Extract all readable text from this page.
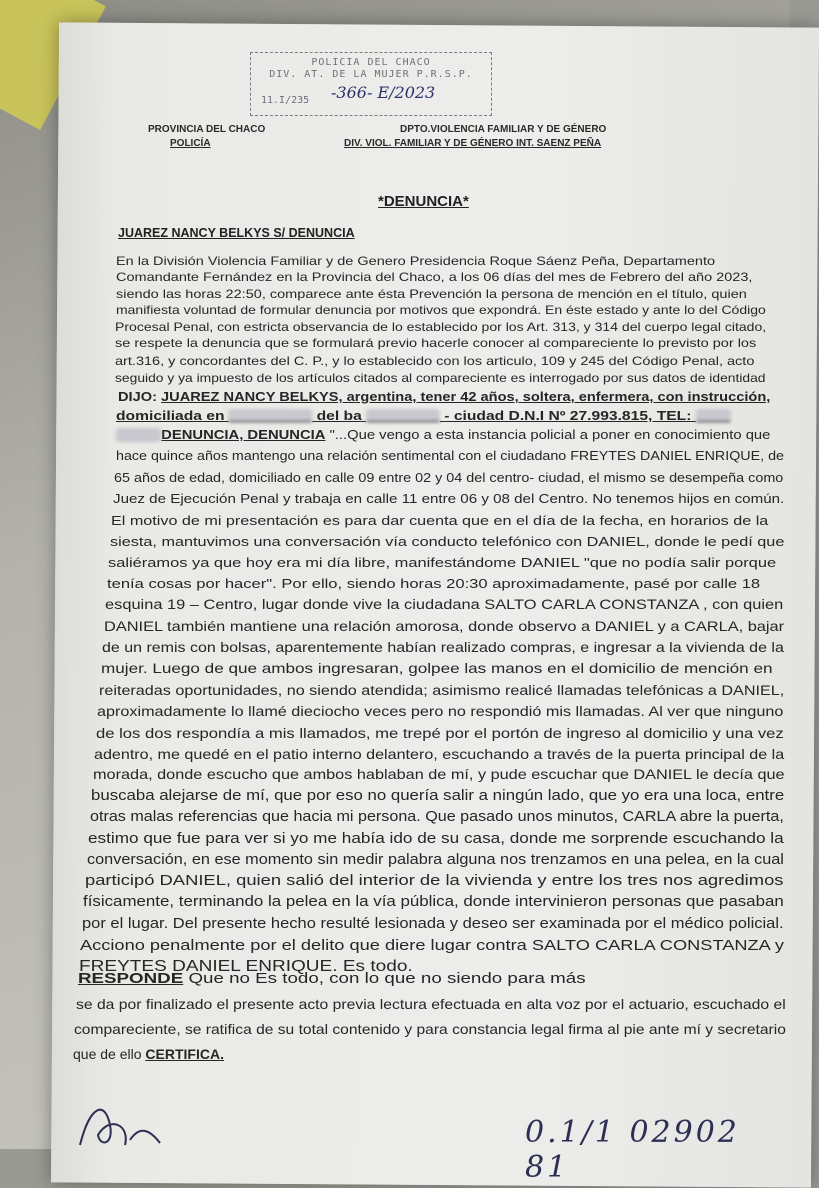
POLICIA DEL CHACO
DIV. AT. DE LA MUJER P.R.S.P.
11.I/235 -366- E/2023
PROVINCIA DEL CHACO
POLICÍA
DPTO.VIOLENCIA FAMILIAR Y DE GÉNERO
DIV. VIOL. FAMILIAR Y DE GÉNERO INT. SAENZ PEÑA
*DENUNCIA*
JUAREZ NANCY BELKYS S/ DENUNCIA
DIJO: JUAREZ NANCY BELKYS, argentina, tener 42 años, soltera, enfermera, con instrucción,
domiciliada en	del ba	- ciudad D.N.I Nº 27.993.815, TEL:
DENUNCIA, DENUNCIA "...Que vengo a esta instancia policial a poner en conocimiento que
RESPONDE Que no Es todo, con lo que no siendo para más
que de ello CERTIFICA.
0.1/1 02902 81
En la División Violencia Familiar y de Genero Presidencia Roque Sáenz Peña, Departamento
Comandante Fernández en la Provincia del Chaco, a los 06 días del mes de Febrero del año 2023,
siendo las horas 22:50, comparece ante ésta Prevención la persona de mención en el título, quien
manifiesta voluntad de formular denuncia por motivos que expondrá. En éste estado y ante lo del Código
Procesal Penal, con estricta observancia de lo establecido por los Art. 313, y 314 del cuerpo legal citado,
se respete la denuncia que se formulará previo hacerle conocer al compareciente lo previsto por los
art.316, y concordantes del C. P., y lo establecido con los articulo, 109 y 245 del Código Penal, acto
seguido y ya impuesto de los artículos citados al compareciente es interrogado por sus datos de identidad
hace quince años mantengo una relación sentimental con el ciudadano FREYTES DANIEL ENRIQUE, de
65 años de edad, domiciliado en calle 09 entre 02 y 04 del centro- ciudad, el mismo se desempeña como
Juez de Ejecución Penal y trabaja en calle 11 entre 06 y 08 del Centro. No tenemos hijos en común.
El motivo de mi presentación es para dar cuenta que en el día de la fecha, en horarios de la
siesta, mantuvimos una conversación vía conducto telefónico con DANIEL, donde le pedí que
saliéramos ya que hoy era mi día libre, manifestándome DANIEL "que no podía salir porque
tenía cosas por hacer". Por ello, siendo horas 20:30 aproximadamente, pasé por calle 18
esquina 19 – Centro, lugar donde vive la ciudadana SALTO CARLA CONSTANZA , con quien
DANIEL también mantiene una relación amorosa, donde observo a DANIEL y a CARLA, bajar
de un remis con bolsas, aparentemente habían realizado compras, e ingresar a la vivienda de la
mujer. Luego de que ambos ingresaran, golpee las manos en el domicilio de mención en
reiteradas oportunidades, no siendo atendida; asimismo realicé llamadas telefónicas a DANIEL,
aproximadamente lo llamé dieciocho veces pero no respondió mis llamadas. Al ver que ninguno
de los dos respondía a mis llamados, me trepé por el portón de ingreso al domicilio y una vez
adentro, me quedé en el patio interno delantero, escuchando a través de la puerta principal de la
morada, donde escucho que ambos hablaban de mí, y pude escuchar que DANIEL le decía que
buscaba alejarse de mí, que por eso no quería salir a ningún lado, que yo era una loca, entre
otras malas referencias que hacia mi persona. Que pasado unos minutos, CARLA abre la puerta,
estimo que fue para ver si yo me había ido de su casa, donde me sorprende escuchando la
conversación, en ese momento sin medir palabra alguna nos trenzamos en una pelea, en la cual
participó DANIEL, quien salió del interior de la vivienda y entre los tres nos agredimos
físicamente, terminando la pelea en la vía pública, donde intervinieron personas que pasaban
por el lugar. Del presente hecho resulté lesionada y deseo ser examinada por el médico policial.
Acciono penalmente por el delito que diere lugar contra SALTO CARLA CONSTANZA y
FREYTES DANIEL ENRIQUE. Es todo.
se da por finalizado el presente acto previa lectura efectuada en alta voz por el actuario, escuchado el
compareciente, se ratifica de su total contenido y para constancia legal firma al pie ante mí y secretario
